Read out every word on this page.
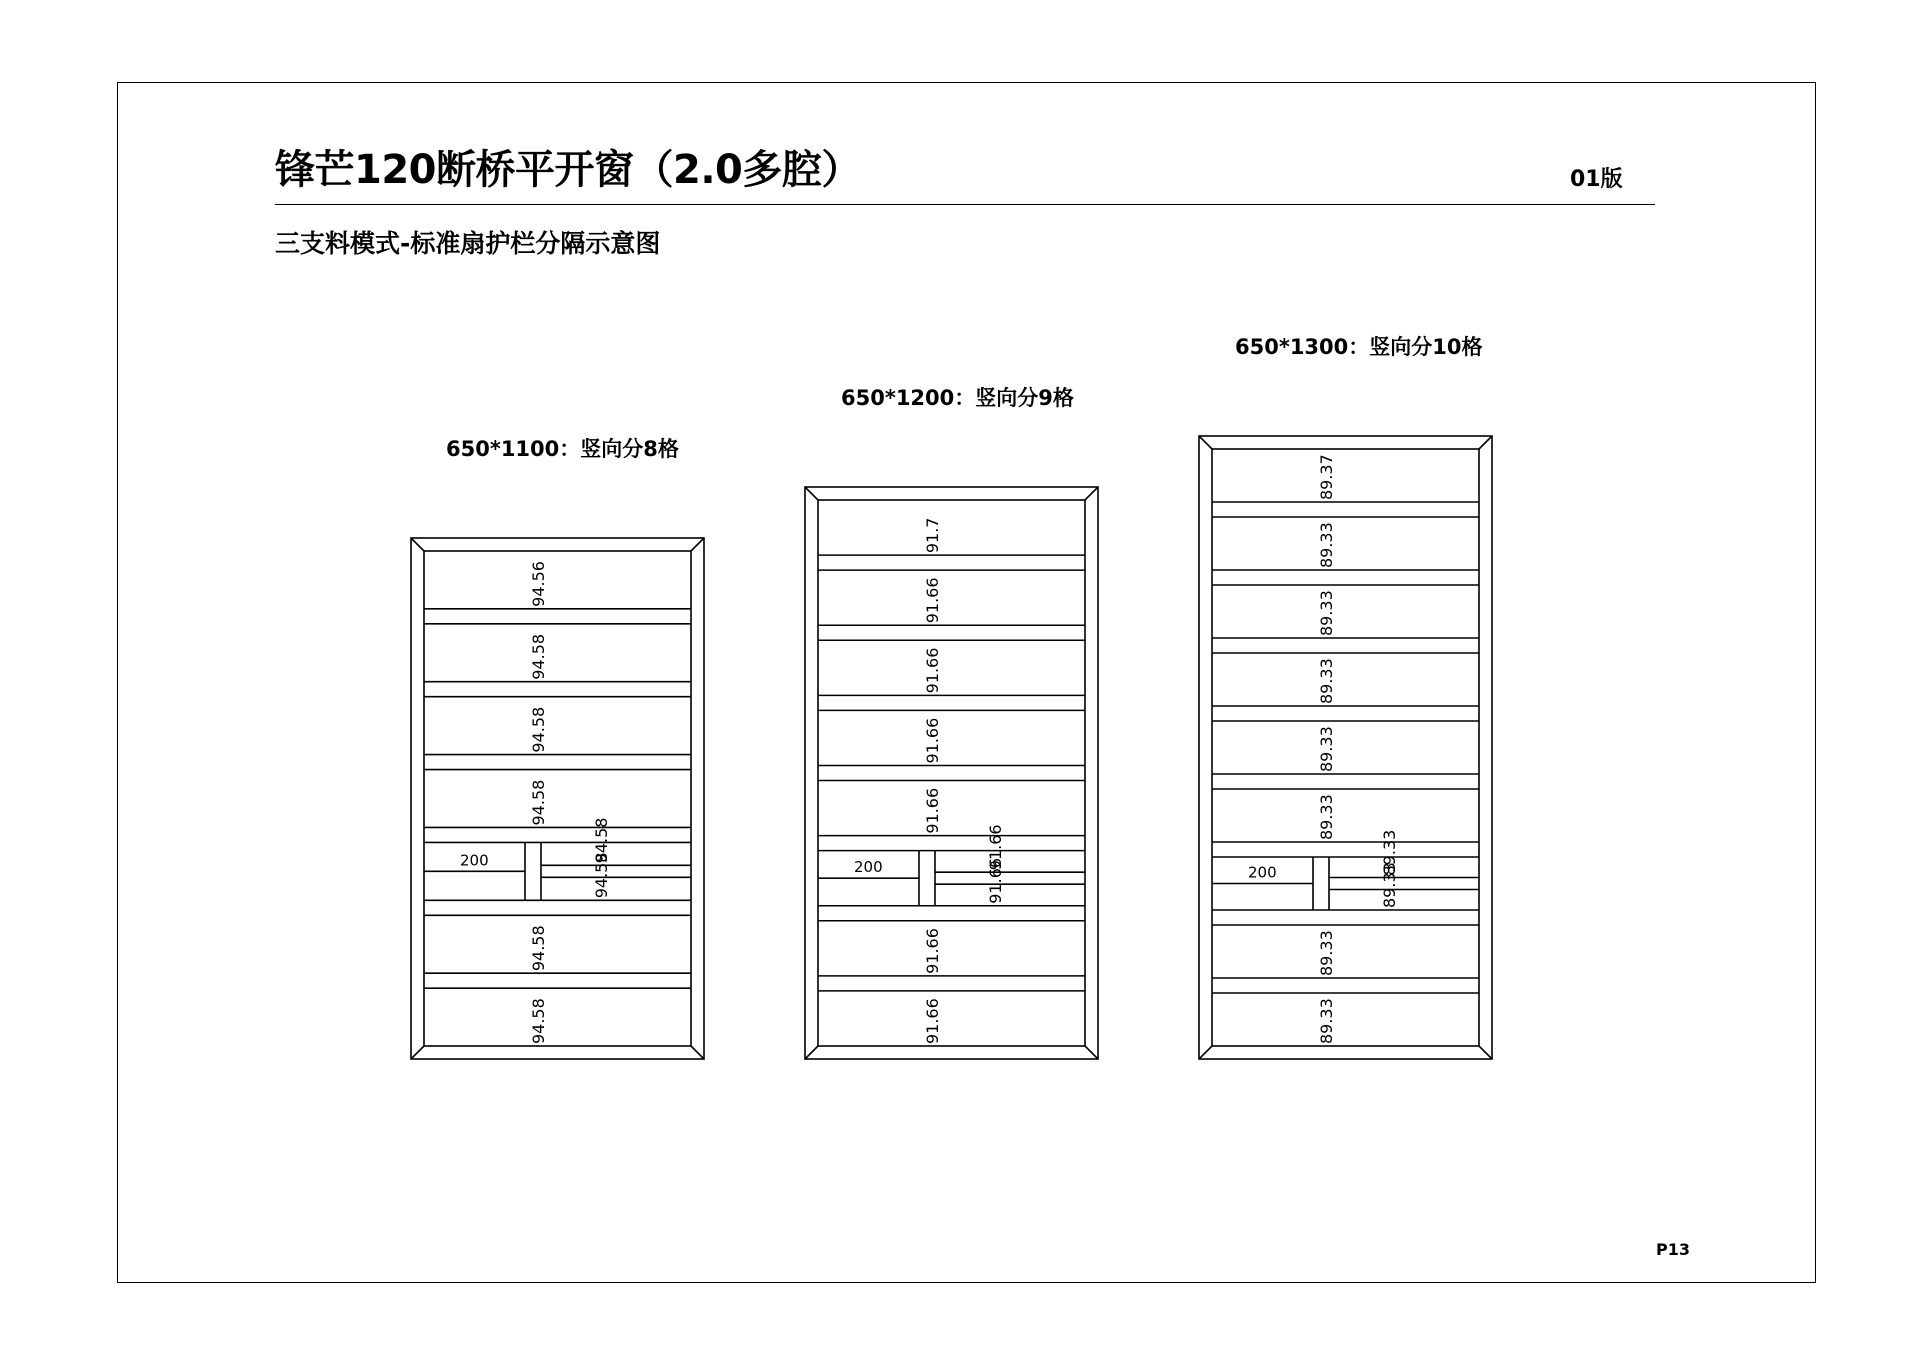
锋芒120断桥平开窗（2.0多腔）	01版
三支料模式-标准扇护栏分隔示意图
650*1100：竖向分8格
650*1200：竖向分9格
650*1300：竖向分10格
94.56
94.58
94.58
94.58
200	94.58
94.58
94.58
94.58
91.7
91.66
91.66
91.66
91.66
200	91.66
91.66
91.66
91.66
89.37
89.33
89.33
89.33
89.33
89.33
200	89.33
89.33
89.33
89.33
P13
